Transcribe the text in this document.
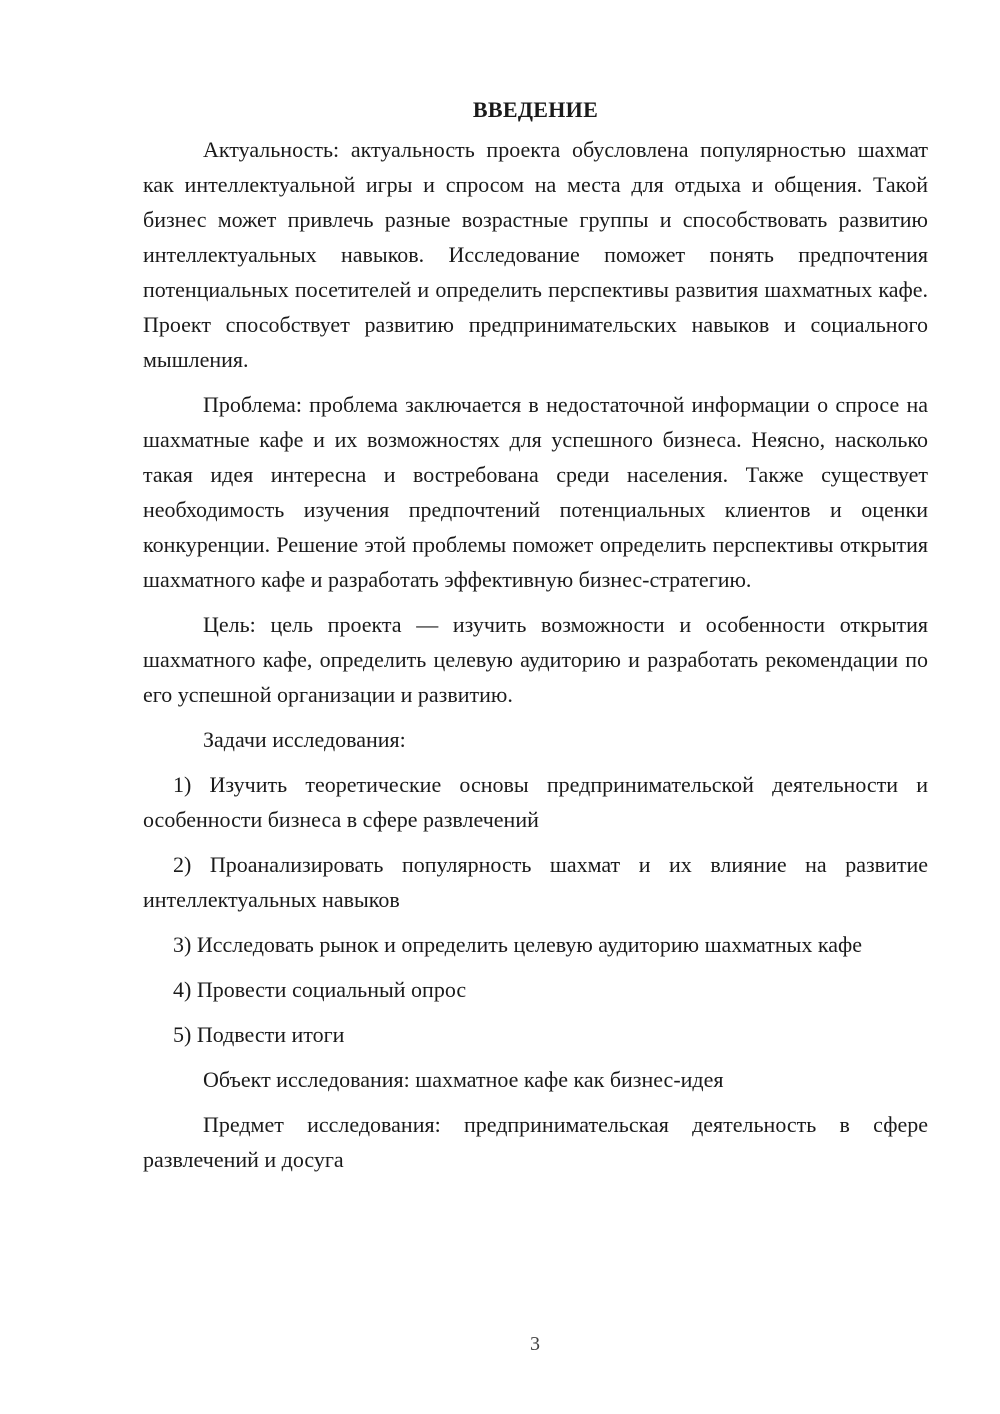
ВВЕДЕНИЕ

Актуальность: актуальность проекта обусловлена популярностью шахмат как интеллектуальной игры и спросом на места для отдыха и общения. Такой бизнес может привлечь разные возрастные группы и способствовать развитию интеллектуальных навыков. Исследование поможет понять предпочтения потенциальных посетителей и определить перспективы развития шахматных кафе. Проект способствует развитию предпринимательских навыков и социального мышления.

Проблема: проблема заключается в недостаточной информации о спросе на шахматные кафе и их возможностях для успешного бизнеса. Неясно, насколько такая идея интересна и востребована среди населения. Также существует необходимость изучения предпочтений потенциальных клиентов и оценки конкуренции. Решение этой проблемы поможет определить перспективы открытия шахматного кафе и разработать эффективную бизнес-стратегию.

Цель: цель проекта — изучить возможности и особенности открытия шахматного кафе, определить целевую аудиторию и разработать рекомендации по его успешной организации и развитию.

Задачи исследования:

1) Изучить теоретические основы предпринимательской деятельности и особенности бизнеса в сфере развлечений

2) Проанализировать популярность шахмат и их влияние на развитие интеллектуальных навыков

3) Исследовать рынок и определить целевую аудиторию шахматных кафе

4) Провести социальный опрос

5) Подвести итоги

Объект исследования: шахматное кафе как бизнес-идея

Предмет исследования: предпринимательская деятельность в сфере развлечений и досуга

3
